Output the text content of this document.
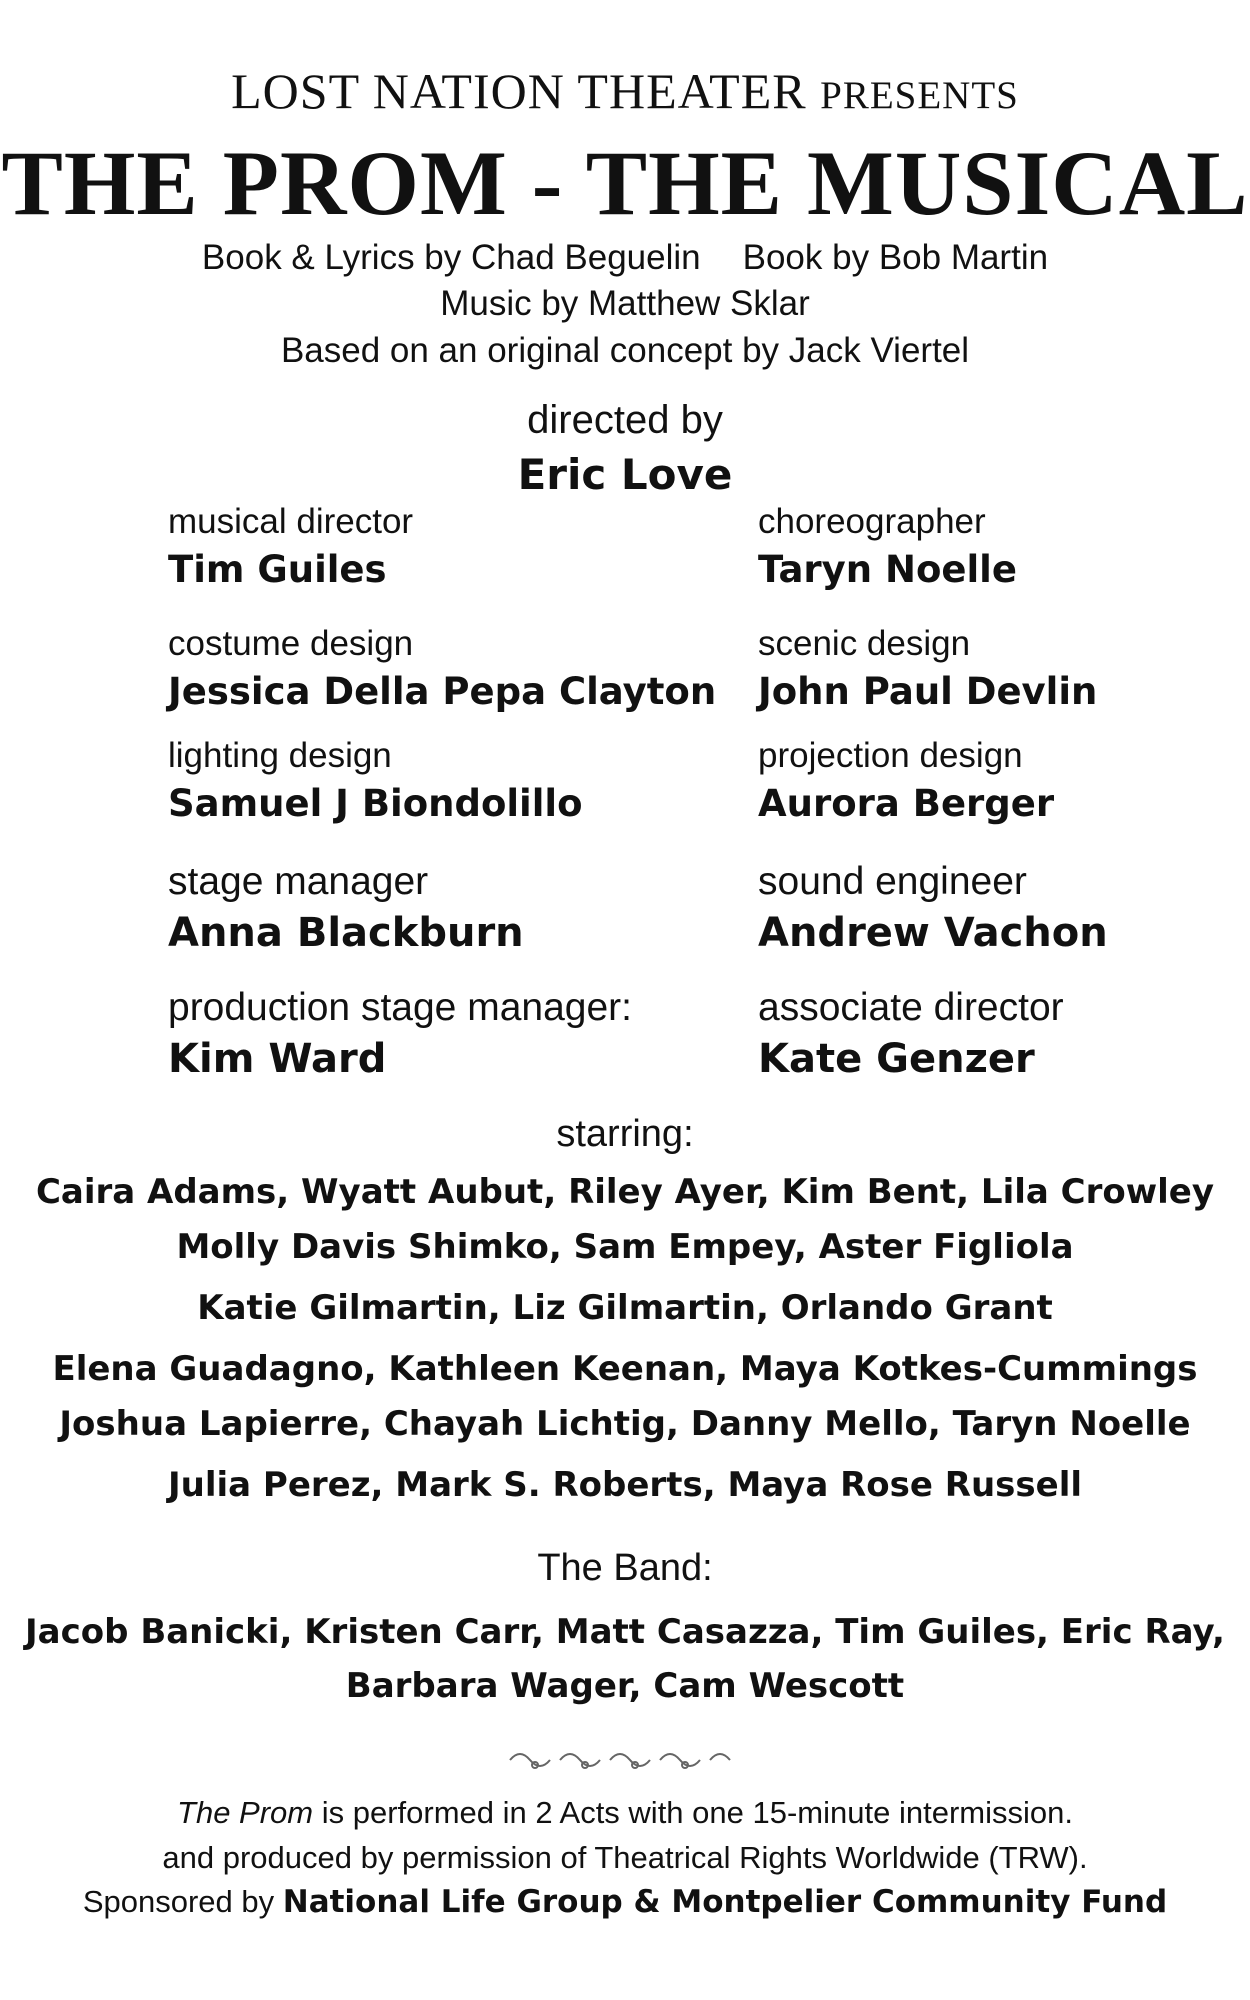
LOST NATION THEATER PRESENTS
THE PROM - THE MUSICAL
Book & Lyrics by Chad Beguelin Book by Bob Martin
Music by Matthew Sklar
Based on an original concept by Jack Viertel
directed by
Eric Love
musical director
Tim Guiles
choreographer
Taryn Noelle
costume design
Jessica Della Pepa Clayton
scenic design
John Paul Devlin
lighting design
Samuel J Biondolillo
projection design
Aurora Berger
stage manager
Anna Blackburn
sound engineer
Andrew Vachon
production stage manager:
Kim Ward
associate director
Kate Genzer
starring:
Caira Adams, Wyatt Aubut, Riley Ayer, Kim Bent, Lila Crowley
Molly Davis Shimko, Sam Empey, Aster Figliola
Katie Gilmartin, Liz Gilmartin, Orlando Grant
Elena Guadagno, Kathleen Keenan, Maya Kotkes-Cummings
Joshua Lapierre, Chayah Lichtig, Danny Mello, Taryn Noelle
Julia Perez, Mark S. Roberts, Maya Rose Russell
The Band:
Jacob Banicki, Kristen Carr, Matt Casazza, Tim Guiles, Eric Ray,
Barbara Wager, Cam Wescott
The Prom is performed in 2 Acts with one 15-minute intermission.
and produced by permission of Theatrical Rights Worldwide (TRW).
Sponsored by National Life Group & Montpelier Community Fund
